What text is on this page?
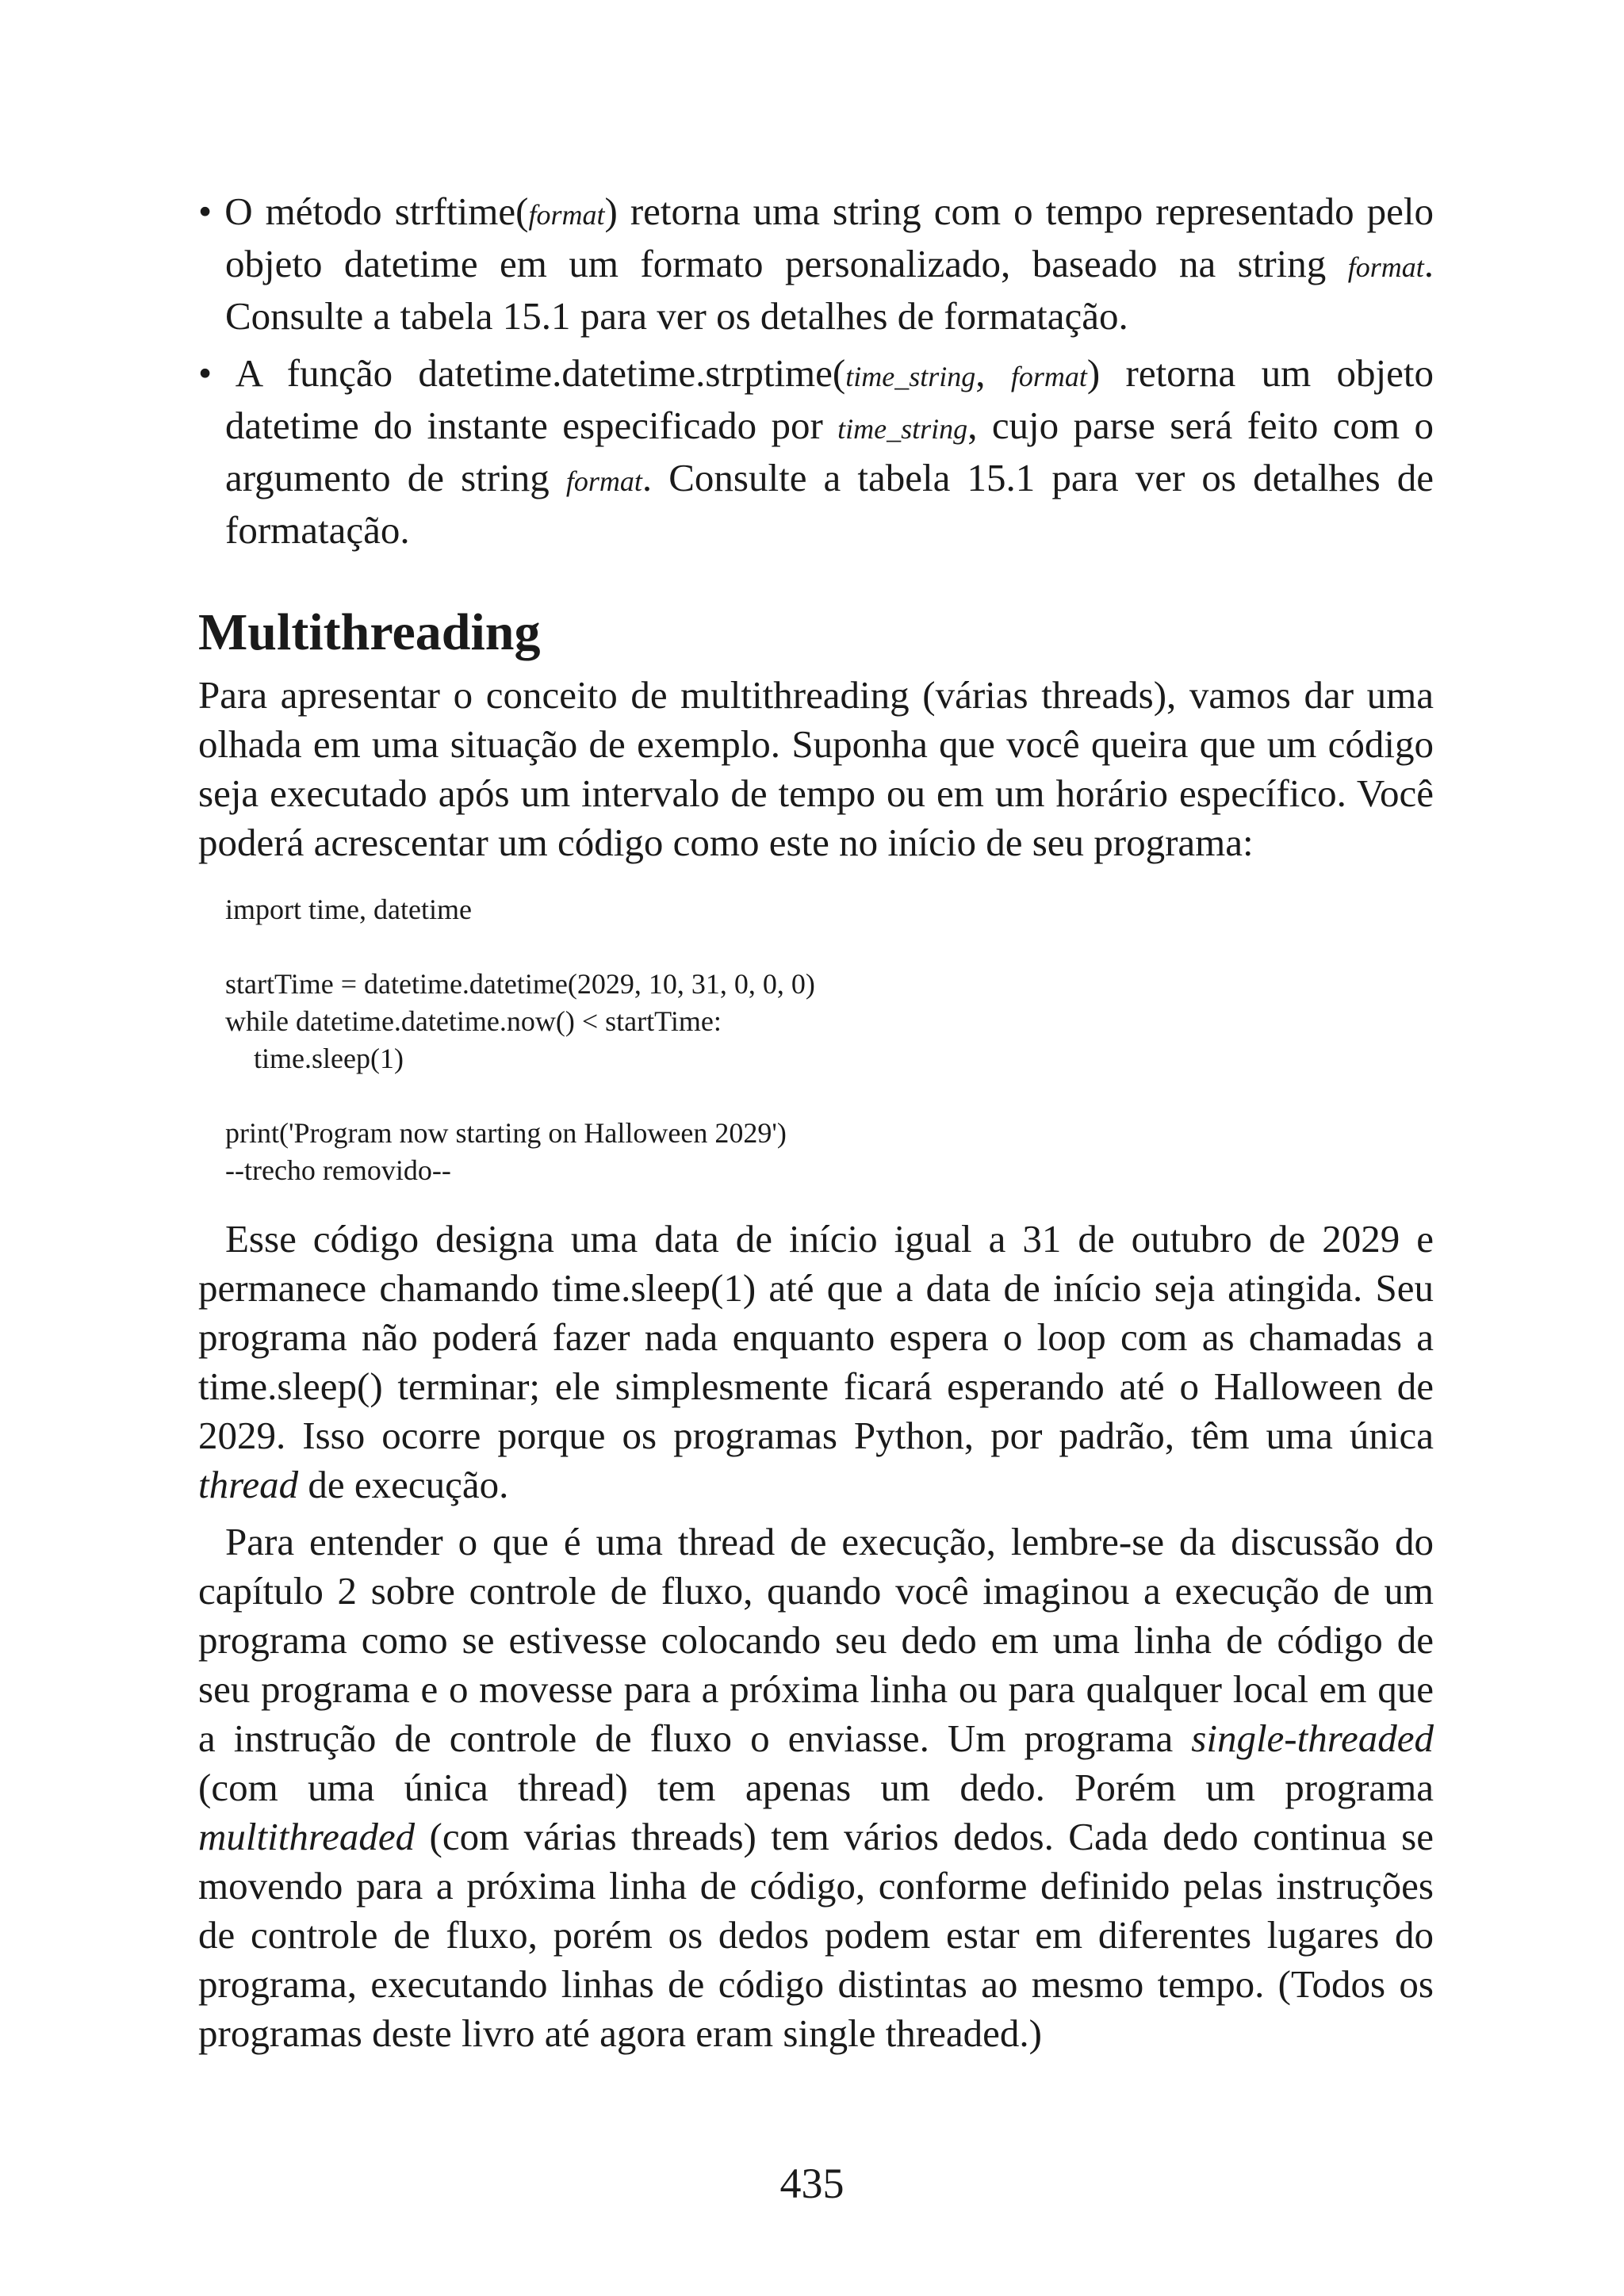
• O método strftime(format) retorna uma string com o tempo representado pelo objeto datetime em um formato personalizado, baseado na string format. Consulte a tabela 15.1 para ver os detalhes de formatação.

• A função datetime.datetime.strptime(time_string, format) retorna um objeto datetime do instante especificado por time_string, cujo parse será feito com o argumento de string format. Consulte a tabela 15.1 para ver os detalhes de formatação.

Multithreading

Para apresentar o conceito de multithreading (várias threads), vamos dar uma olhada em uma situação de exemplo. Suponha que você queira que um código seja executado após um intervalo de tempo ou em um horário específico. Você poderá acrescentar um código como este no início de seu programa:

import time, datetime
startTime = datetime.datetime(2029, 10, 31, 0, 0, 0)
while datetime.datetime.now() < startTime:
time.sleep(1)
print('Program now starting on Halloween 2029')
--trecho removido--

Esse código designa uma data de início igual a 31 de outubro de 2029 e permanece chamando time.sleep(1) até que a data de início seja atingida. Seu programa não poderá fazer nada enquanto espera o loop com as chamadas a time.sleep() terminar; ele simplesmente ficará esperando até o Halloween de 2029. Isso ocorre porque os programas Python, por padrão, têm uma única thread de execução.

Para entender o que é uma thread de execução, lembre-se da discussão do capítulo 2 sobre controle de fluxo, quando você imaginou a execução de um programa como se estivesse colocando seu dedo em uma linha de código de seu programa e o movesse para a próxima linha ou para qualquer local em que a instrução de controle de fluxo o enviasse. Um programa single-threaded (com uma única thread) tem apenas um dedo. Porém um programa multithreaded (com várias threads) tem vários dedos. Cada dedo continua se movendo para a próxima linha de código, conforme definido pelas instruções de controle de fluxo, porém os dedos podem estar em diferentes lugares do programa, executando linhas de código distintas ao mesmo tempo. (Todos os programas deste livro até agora eram single threaded.)

435
